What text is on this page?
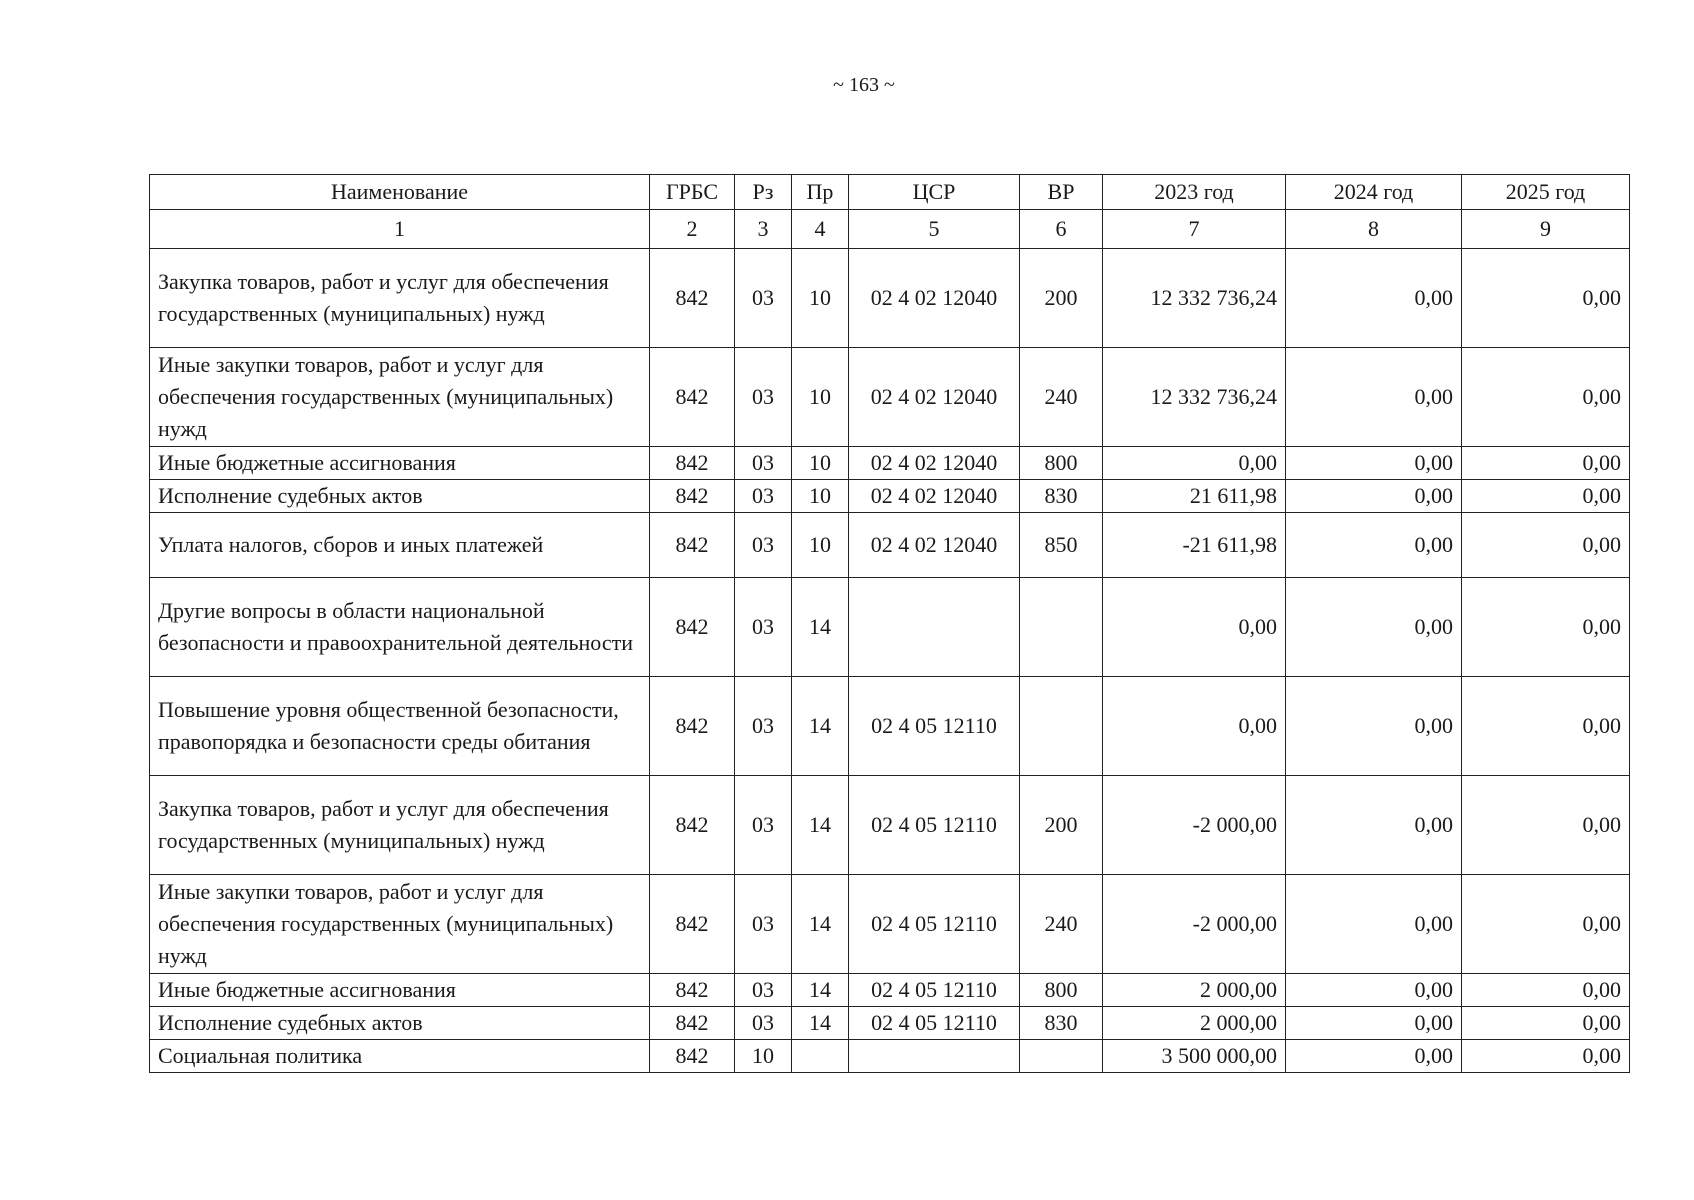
~ 163 ~
Наименование	ГРБС	Рз	Пр	ЦСР	ВР	2023 год	2024 год	2025 год
1	2	3	4	5	6	7	8	9
Закупка товаров, работ и услуг для обеспечения государственных (муниципальных) нужд	842	03	10	02 4 02 12040	200	12 332 736,24	0,00	0,00
Иные закупки товаров, работ и услуг для обеспечения государственных (муниципальных) нужд	842	03	10	02 4 02 12040	240	12 332 736,24	0,00	0,00
Иные бюджетные ассигнования	842	03	10	02 4 02 12040	800	0,00	0,00	0,00
Исполнение судебных актов	842	03	10	02 4 02 12040	830	21 611,98	0,00	0,00
Уплата налогов, сборов и иных платежей	842	03	10	02 4 02 12040	850	-21 611,98	0,00	0,00
Другие вопросы в области национальной безопасности и правоохранительной деятельности	842	03	14			0,00	0,00	0,00
Повышение уровня общественной безопасности, правопорядка и безопасности среды обитания	842	03	14	02 4 05 12110		0,00	0,00	0,00
Закупка товаров, работ и услуг для обеспечения государственных (муниципальных) нужд	842	03	14	02 4 05 12110	200	-2 000,00	0,00	0,00
Иные закупки товаров, работ и услуг для обеспечения государственных (муниципальных) нужд	842	03	14	02 4 05 12110	240	-2 000,00	0,00	0,00
Иные бюджетные ассигнования	842	03	14	02 4 05 12110	800	2 000,00	0,00	0,00
Исполнение судебных актов	842	03	14	02 4 05 12110	830	2 000,00	0,00	0,00
Социальная политика	842	10				3 500 000,00	0,00	0,00
